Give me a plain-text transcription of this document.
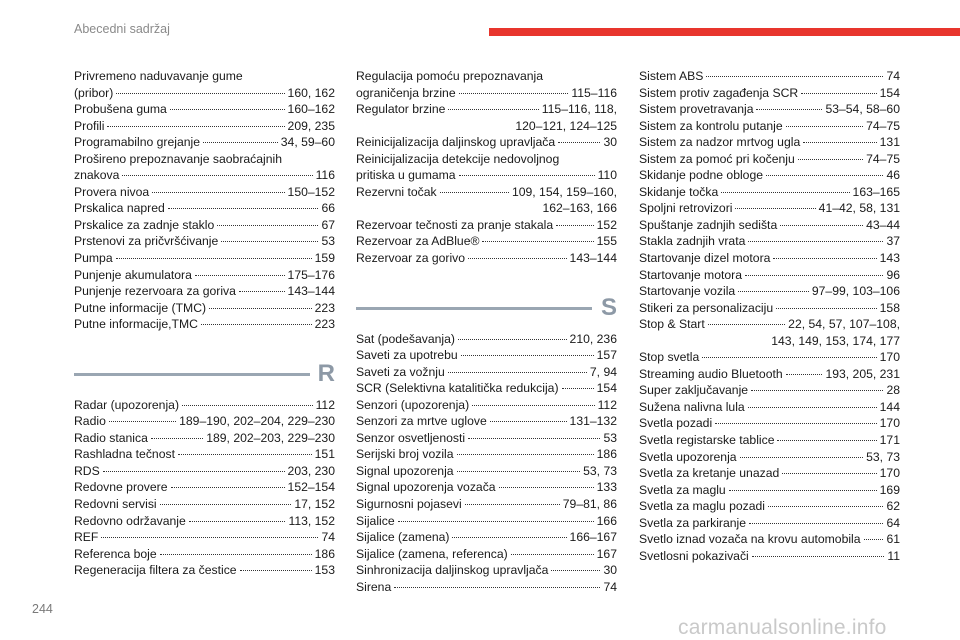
Abecedni sadržaj
Privremeno naduvavanje gume
(pribor)	160, 162
Probušena guma	160–162
Profili	209, 235
Programabilno grejanje	34, 59–60
Prošireno prepoznavanje saobraćajnih
znakova	116
Provera nivoa	150–152
Prskalica napred	66
Prskalice za zadnje staklo	67
Prstenovi za pričvršćivanje	53
Pumpa	159
Punjenje akumulatora	175–176
Punjenje rezervoara za goriva	143–144
Putne informacije (TMC)	223
Putne informacije,TMC	223
R
Radar (upozorenja)	112
Radio	189–190, 202–204, 229–230
Radio stanica	189, 202–203, 229–230
Rashladna tečnost	151
RDS	203, 230
Redovne provere	152–154
Redovni servisi	17, 152
Redovno održavanje	113, 152
REF	74
Referenca boje	186
Regeneracija filtera za čestice	153
Regulacija pomoću prepoznavanja
ograničenja brzine	115–116
Regulator brzine	115–116, 118,
120–121, 124–125
Reinicijalizacija daljinskog upravljača	30
Reinicijalizacija detekcije nedovoljnog
pritiska u gumama	110
Rezervni točak	109, 154, 159–160,
162–163, 166
Rezervoar tečnosti za pranje stakala	152
Rezervoar za AdBlue®	155
Rezervoar za gorivo	143–144
S
Sat (podešavanja)	210, 236
Saveti za upotrebu	157
Saveti za vožnju	7, 94
SCR (Selektivna katalitička redukcija)	154
Senzori (upozorenja)	112
Senzori za mrtve uglove	131–132
Senzor osvetljenosti	53
Serijski broj vozila	186
Signal upozorenja	53, 73
Signal upozorenja vozača	133
Sigurnosni pojasevi	79–81, 86
Sijalice	166
Sijalice (zamena)	166–167
Sijalice (zamena, referenca)	167
Sinhronizacija daljinskog upravljača	30
Sirena	74
Sistem ABS	74
Sistem protiv zagađenja SCR	154
Sistem provetravanja	53–54, 58–60
Sistem za kontrolu putanje	74–75
Sistem za nadzor mrtvog ugla	131
Sistem za pomoć pri kočenju	74–75
Skidanje podne obloge	46
Skidanje točka	163–165
Spoljni retrovizori	41–42, 58, 131
Spuštanje zadnjih sedišta	43–44
Stakla zadnjih vrata	37
Startovanje dizel motora	143
Startovanje motora	96
Startovanje vozila	97–99, 103–106
Stikeri za personalizaciju	158
Stop & Start	22, 54, 57, 107–108,
143, 149, 153, 174, 177
Stop svetla	170
Streaming audio Bluetooth	193, 205, 231
Super zaključavanje	28
Sužena nalivna lula	144
Svetla pozadi	170
Svetla registarske tablice	171
Svetla upozorenja	53, 73
Svetla za kretanje unazad	170
Svetla za maglu	169
Svetla za maglu pozadi	62
Svetla za parkiranje	64
Svetlo iznad vozača na krovu automobila 61
Svetlosni pokazivači	11
244
carmanualsonline.info
